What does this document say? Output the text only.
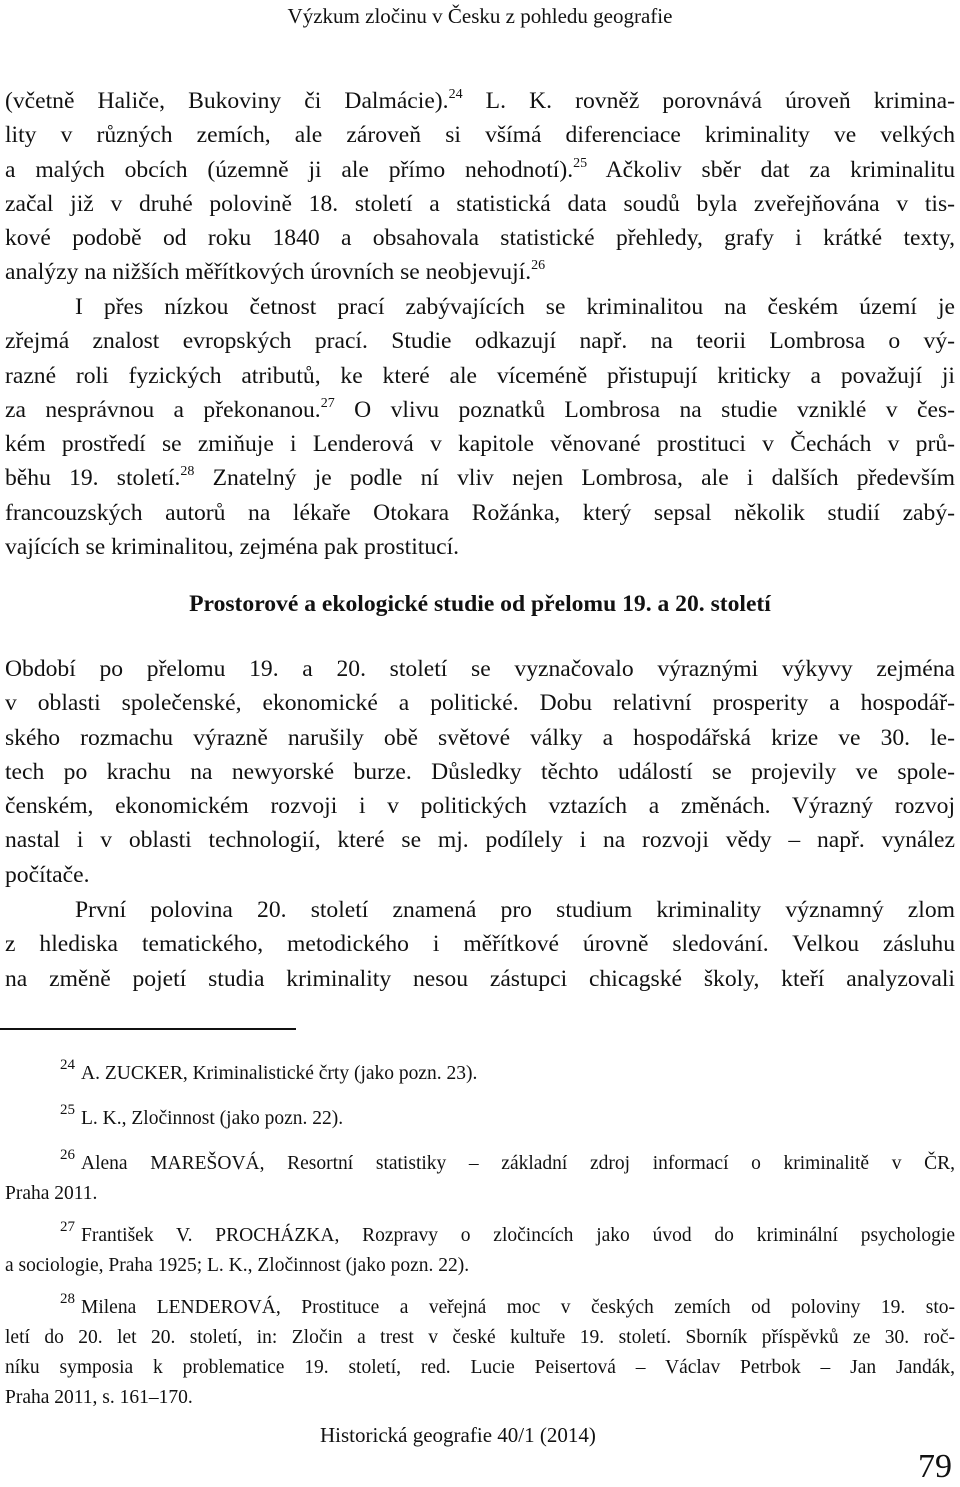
Výzkum zločinu v Česku z pohledu geografie
(včetně Haliče, Bukoviny či Dalmácie).$^{24}$ L. K. rovněž porovnává úroveň krimina-
lity v různých zemích, ale zároveň si všímá diferenciace kriminality ve velkých
a malých obcích (územně ji ale přímo nehodnotí).$^{25}$ Ačkoliv sběr dat za kriminalitu
začal již v druhé polovině 18. století a statistická data soudů byla zveřejňována v tis-
kové podobě od roku 1840 a obsahovala statistické přehledy, grafy i krátké texty,
analýzy na nižších měřítkových úrovních se neobjevují.$^{26}$
I přes nízkou četnost prací zabývajících se kriminalitou na českém území je
zřejmá znalost evropských prací. Studie odkazují např. na teorii Lombrosa o vý-
razné roli fyzických atributů, ke které ale víceméně přistupují kriticky a považují ji
za nesprávnou a překonanou.$^{27}$ O vlivu poznatků Lombrosa na studie vzniklé v čes-
kém prostředí se zmiňuje i Lenderová v kapitole věnované prostituci v Čechách v prů-
běhu 19. století.$^{28}$ Znatelný je podle ní vliv nejen Lombrosa, ale i dalších především
francouzských autorů na lékaře Otokara Rožánka, který sepsal několik studií zabý-
vajících se kriminalitou, zejména pak prostitucí.
Prostorové a ekologické studie od přelomu 19. a 20. století
Období po přelomu 19. a 20. století se vyznačovalo výraznými výkyvy zejména
v oblasti společenské, ekonomické a politické. Dobu relativní prosperity a hospodář-
ského rozmachu výrazně narušily obě světové války a hospodářská krize ve 30. le-
tech po krachu na newyorské burze. Důsledky těchto událostí se projevily ve spole-
čenském, ekonomickém rozvoji i v politických vztazích a změnách. Výrazný rozvoj
nastal i v oblasti technologií, které se mj. podílely i na rozvoji vědy – např. vynález
počítače.
První polovina 20. století znamená pro studium kriminality významný zlom
z hlediska tematického, metodického i měřítkové úrovně sledování. Velkou zásluhu
na změně pojetí studia kriminality nesou zástupci chicagské školy, kteří analyzovali
$^{24}$ A. ZUCKER, Kriminalistické črty (jako pozn. 23).
$^{25}$ L. K., Zločinnost (jako pozn. 22).
$^{26}$ Alena MAREŠOVÁ, Resortní statistiky – základní zdroj informací o kriminalitě v ČR,
Praha 2011.
$^{27}$ František V. PROCHÁZKA, Rozpravy o zločincích jako úvod do kriminální psychologie
a sociologie, Praha 1925; L. K., Zločinnost (jako pozn. 22).
$^{28}$ Milena LENDEROVÁ, Prostituce a veřejná moc v českých zemích od poloviny 19. sto-
letí do 20. let 20. století, in: Zločin a trest v české kultuře 19. století. Sborník příspěvků ze 30. roč-
níku symposia k problematice 19. století, red. Lucie Peisertová – Václav Petrbok – Jan Jandák,
Praha 2011, s. 161–170.
Historická geografie 40/1 (2014)
79
